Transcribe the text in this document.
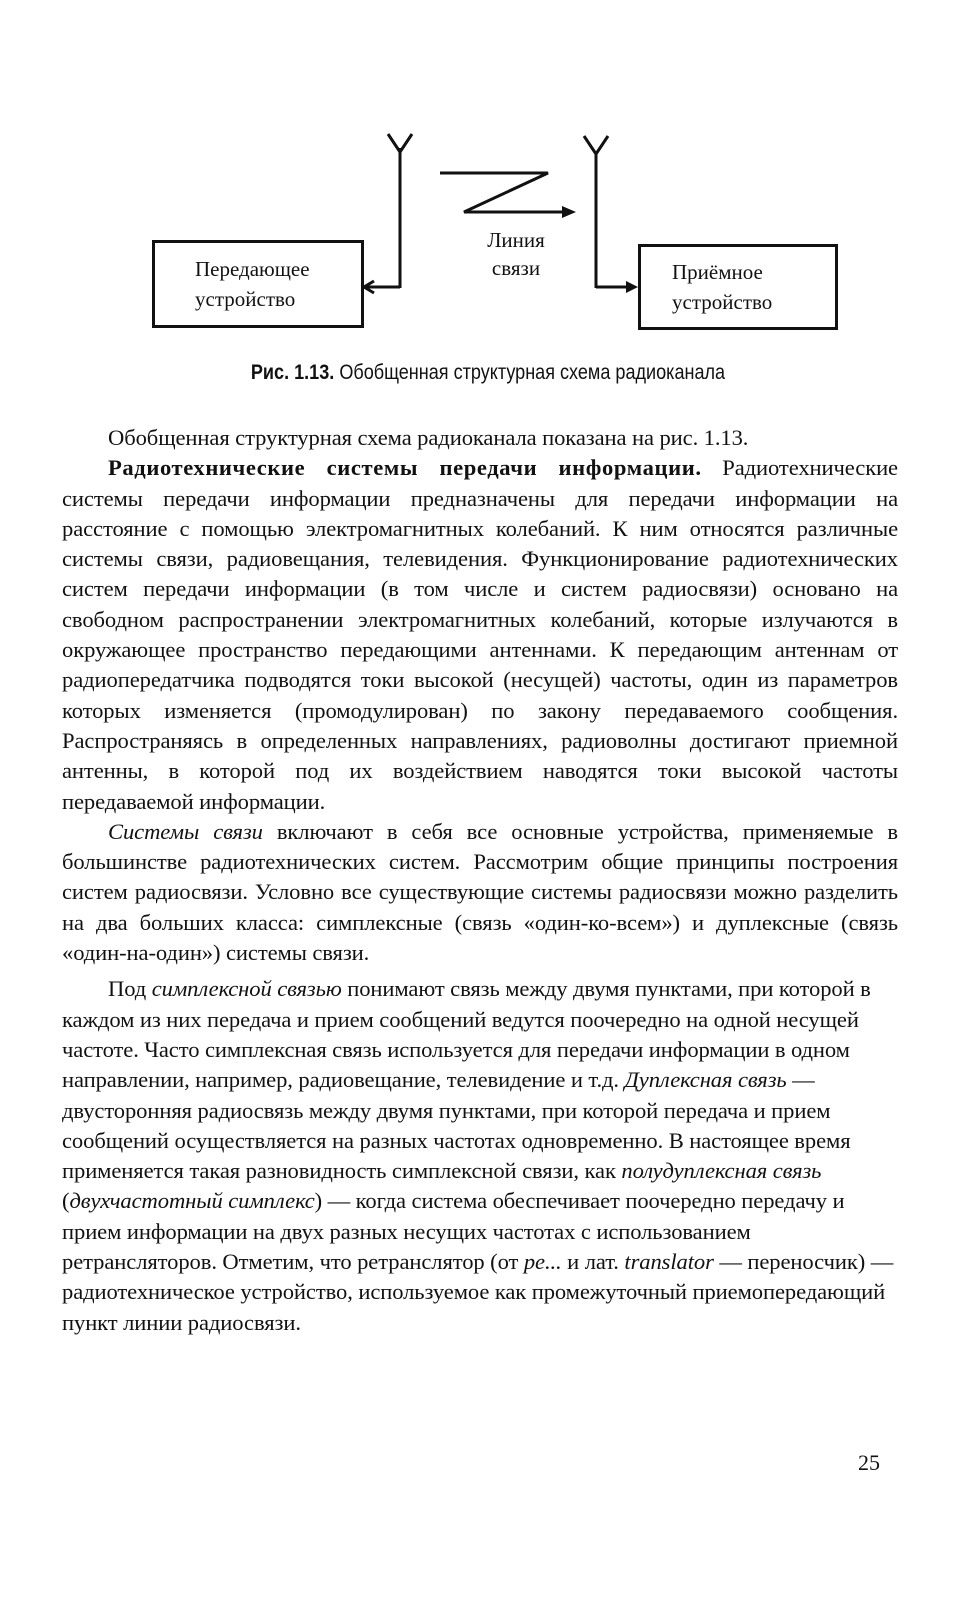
Передающее
устройство
Линия
связи	Приёмное
устройство
Рис. 1.13. Обобщенная структурная схема радиоканала

Обобщенная структурная схема радиоканала показана на рис. 1.13.

Радиотехнические системы передачи информации. Радиотехнические системы передачи информации предназначены для передачи информации на расстояние с помощью электромагнитных колебаний. К ним относятся различные системы связи, радиовещания, телевидения. Функционирование радиотехнических систем передачи информации (в том числе и систем радиосвязи) основано на свободном распространении электромагнитных колебаний, которые излучаются в окружающее пространство передающими антеннами. К передающим антеннам от радиопередатчика подводятся токи высокой (несущей) частоты, один из параметров которых изменяется (промодулирован) по закону передаваемого сообщения. Распространяясь в определенных направлениях, радиоволны достигают приемной антенны, в которой под их воздействием наводятся токи высокой частоты передаваемой информации.

Системы связи включают в себя все основные устройства, применяемые в большинстве радиотехнических систем. Рассмотрим общие принципы построения систем радиосвязи. Условно все существующие системы радиосвязи можно разделить на два больших класса: симплексные (связь «один-ко-всем») и дуплексные (связь «один-на-один») системы связи.

Под симплексной связью понимают связь между двумя пунктами, при которой в каждом из них передача и прием сообщений ведутся поочередно на одной несущей частоте. Часто симплексная связь используется для передачи информации в одном направлении, например, радиовещание, телевидение и т.д. Дуплексная связь — двусторонняя радиосвязь между двумя пунктами, при которой передача и прием сообщений осуществляется на разных частотах одновременно. В настоящее время применяется такая разновидность симплексной связи, как полудуплексная связь (двухчастотный симплекс) — когда система обеспечивает поочередно передачу и прием информации на двух разных несущих частотах с использованием ретрансляторов. Отметим, что ретранслятор (от ре... и лат. translator — переносчик) — радиотехническое устройство, используемое как промежуточный приемопередающий пункт линии радиосвязи.

25
